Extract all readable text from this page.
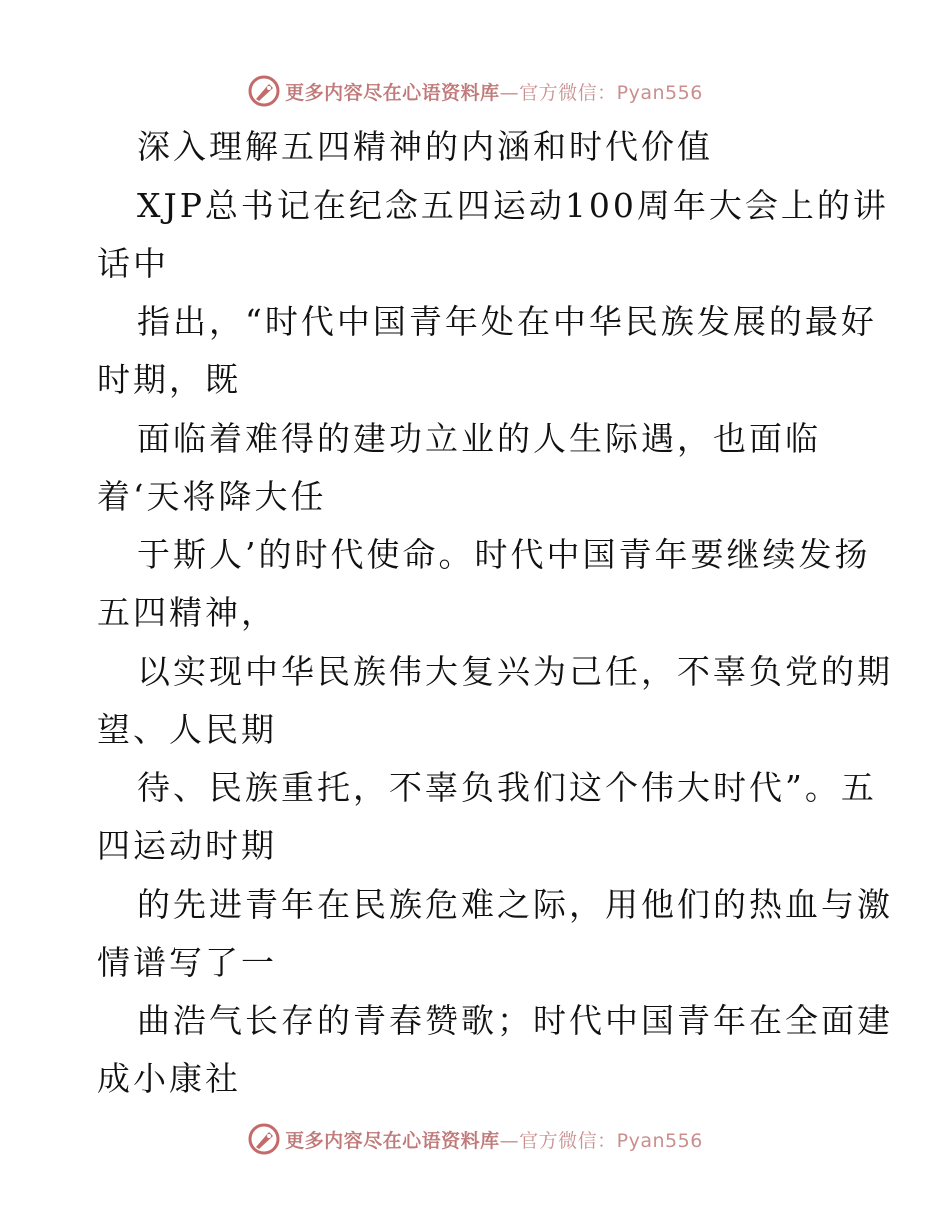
更多内容尽在心语资料库—官方微信：Pyan556
深入理解五四精神的内涵和时代价值
XJP总书记在纪念五四运动100周年大会上的讲
话中
指出，“时代中国青年处在中华民族发展的最好
时期，既
面临着难得的建功立业的人生际遇，也面临
着‘天将降大任
于斯人’的时代使命。时代中国青年要继续发扬
五四精神，
以实现中华民族伟大复兴为己任，不辜负党的期
望、人民期
待、民族重托，不辜负我们这个伟大时代”。五
四运动时期
的先进青年在民族危难之际，用他们的热血与激
情谱写了一
曲浩气长存的青春赞歌；时代中国青年在全面建
成小康社
更多内容尽在心语资料库—官方微信：Pyan556
